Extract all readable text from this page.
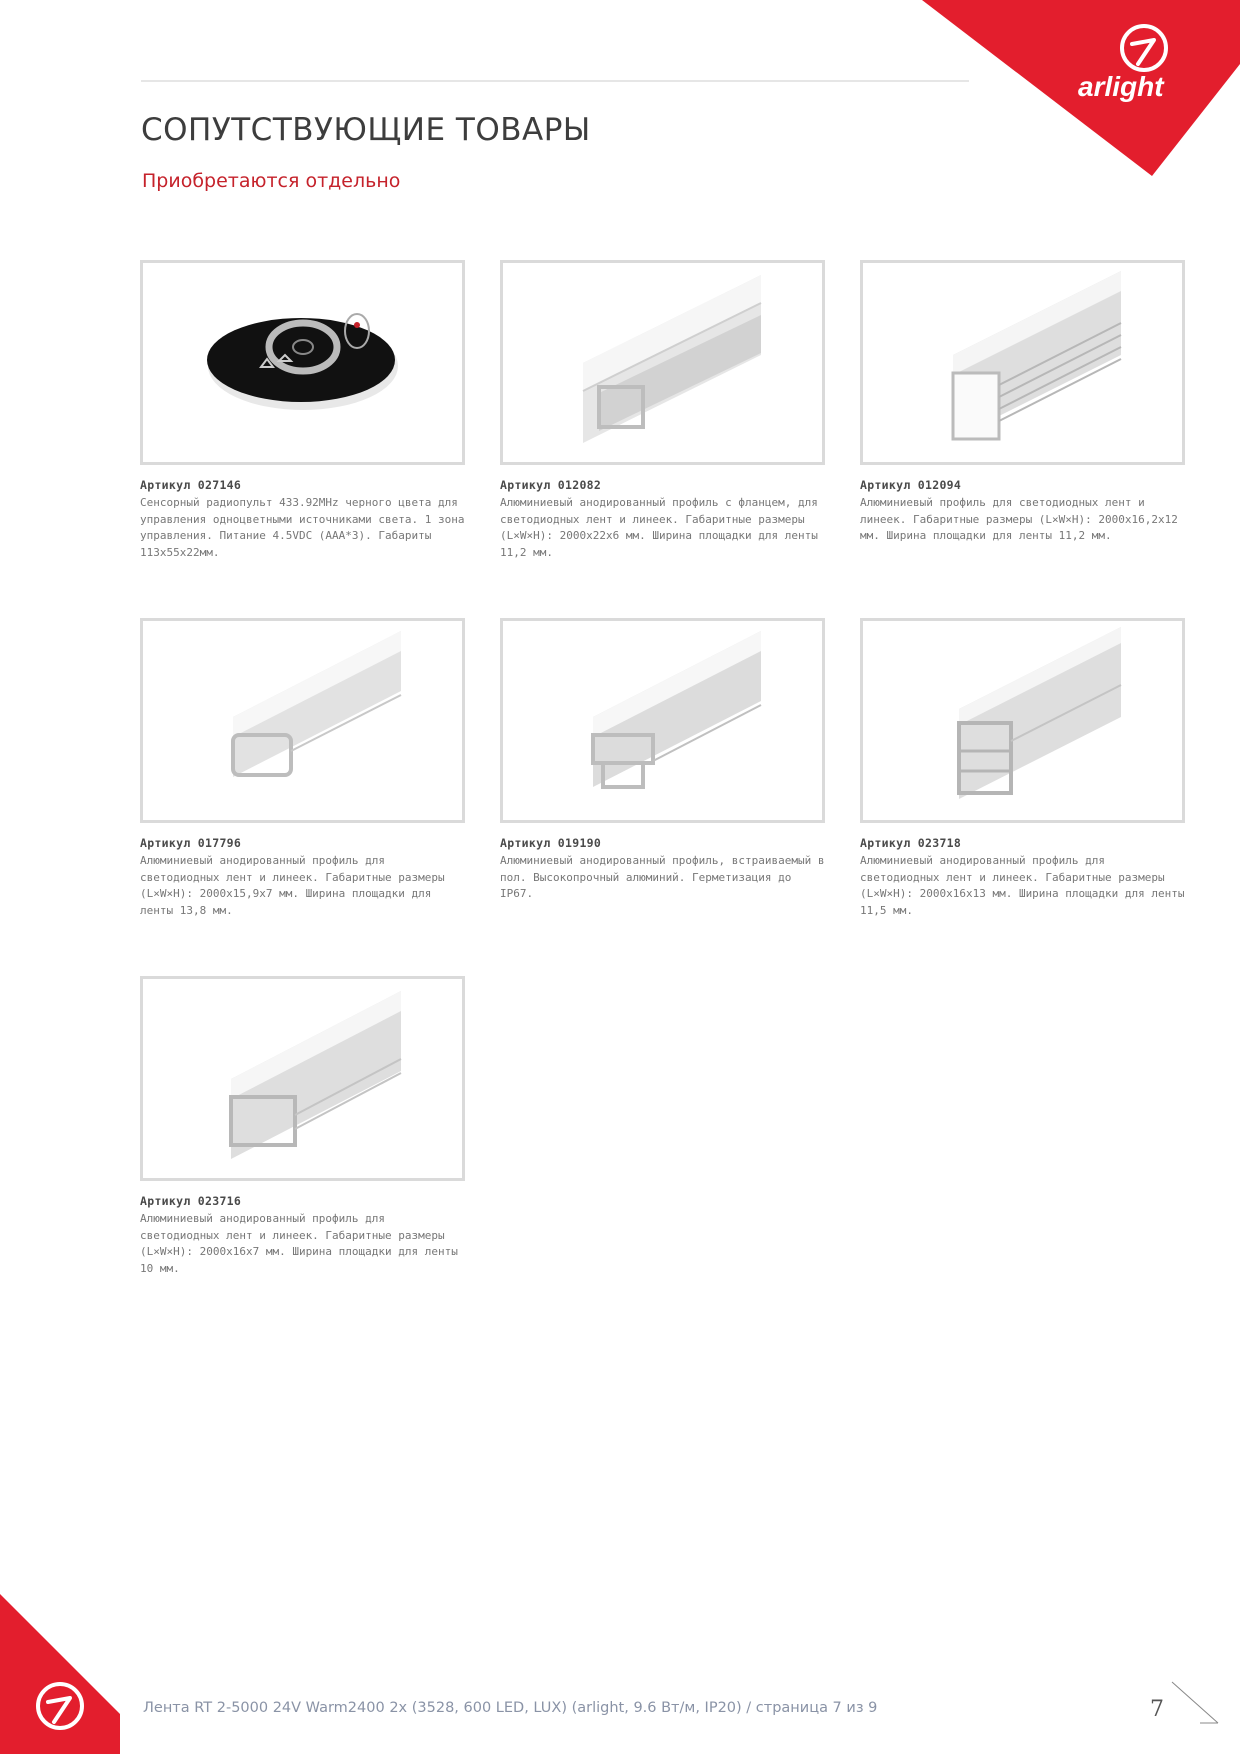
arlight
СОПУТСТВУЮЩИЕ ТОВАРЫ
Приобретаются отдельно
Артикул 027146
Сенсорный радиопульт 433.92MHz черного цвета для управления одноцветными источниками света. 1 зона управления. Питание 4.5VDC (AAA*3). Габариты 113x55x22мм.
Артикул 012082
Алюминиевый анодированный профиль с фланцем, для светодиодных лент и линеек. Габаритные размеры (L×W×H): 2000x22x6 мм. Ширина площадки для ленты 11,2 мм.
Артикул 012094
Алюминиевый профиль для светодиодных лент и линеек. Габаритные размеры (L×W×H): 2000x16,2x12 мм. Ширина площадки для ленты 11,2 мм.
Артикул 017796
Алюминиевый анодированный профиль для светодиодных лент и линеек. Габаритные размеры (L×W×H): 2000x15,9x7 мм. Ширина площадки для ленты 13,8 мм.
Артикул 019190
Алюминиевый анодированный профиль, встраиваемый в пол. Высокопрочный алюминий. Герметизация до IP67.
Артикул 023718
Алюминиевый анодированный профиль для светодиодных лент и линеек. Габаритные размеры (L×W×H): 2000x16x13 мм. Ширина площадки для ленты 11,5 мм.
Артикул 023716
Алюминиевый анодированный профиль для светодиодных лент и линеек. Габаритные размеры (L×W×H): 2000x16x7 мм. Ширина площадки для ленты 10 мм.
Лента RT 2-5000 24V Warm2400 2x (3528, 600 LED, LUX) (arlight, 9.6 Вт/м, IP20) / страница 7 из 9	7
